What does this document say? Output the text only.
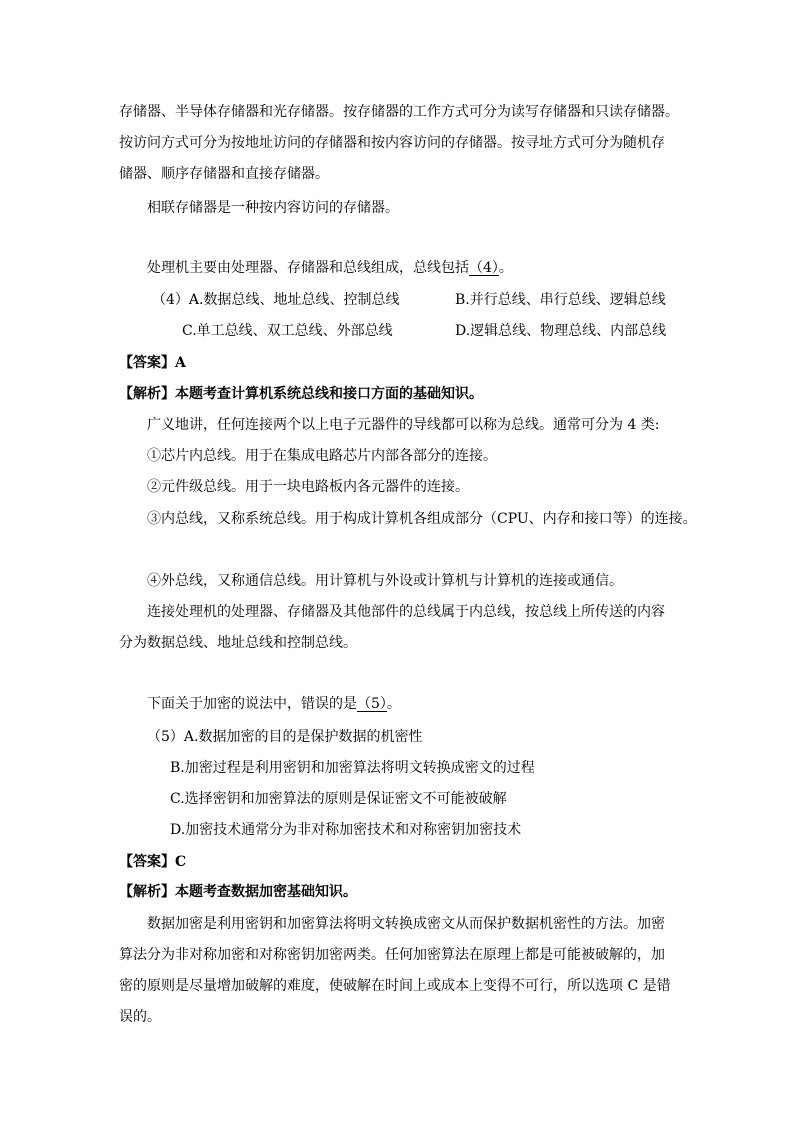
存储器、半导体存储器和光存储器。按存储器的工作方式可分为读写存储器和只读存储器。
按访问方式可分为按地址访问的存储器和按内容访问的存储器。按寻址方式可分为随机存
储器、顺序存储器和直接存储器。
相联存储器是一种按内容访问的存储器。
处理机主要由处理器、存储器和总线组成，总线包括（4）。
（4）A.数据总线、地址总线、控制总线	B.并行总线、串行总线、逻辑总线
C.单工总线、双工总线、外部总线	D.逻辑总线、物理总线、内部总线
【答案】A
【解析】本题考查计算机系统总线和接口方面的基础知识。
广义地讲，任何连接两个以上电子元器件的导线都可以称为总线。通常可分为 4 类:
①芯片内总线。用于在集成电路芯片内部各部分的连接。
②元件级总线。用于一块电路板内各元器件的连接。
③内总线，又称系统总线。用于构成计算机各组成部分（CPU、内存和接口等）的连接。
④外总线，又称通信总线。用计算机与外设或计算机与计算机的连接或通信。
连接处理机的处理器、存储器及其他部件的总线属于内总线，按总线上所传送的内容
分为数据总线、地址总线和控制总线。
下面关于加密的说法中，错误的是（5）。
（5）A.数据加密的目的是保护数据的机密性
B.加密过程是利用密钥和加密算法将明文转换成密文的过程
C.选择密钥和加密算法的原则是保证密文不可能被破解
D.加密技术通常分为非对称加密技术和对称密钥加密技术
【答案】C
【解析】本题考查数据加密基础知识。
数据加密是利用密钥和加密算法将明文转换成密文从而保护数据机密性的方法。加密
算法分为非对称加密和对称密钥加密两类。任何加密算法在原理上都是可能被破解的，加
密的原则是尽量增加破解的难度，使破解在时间上或成本上变得不可行，所以选项 C 是错
误的。
